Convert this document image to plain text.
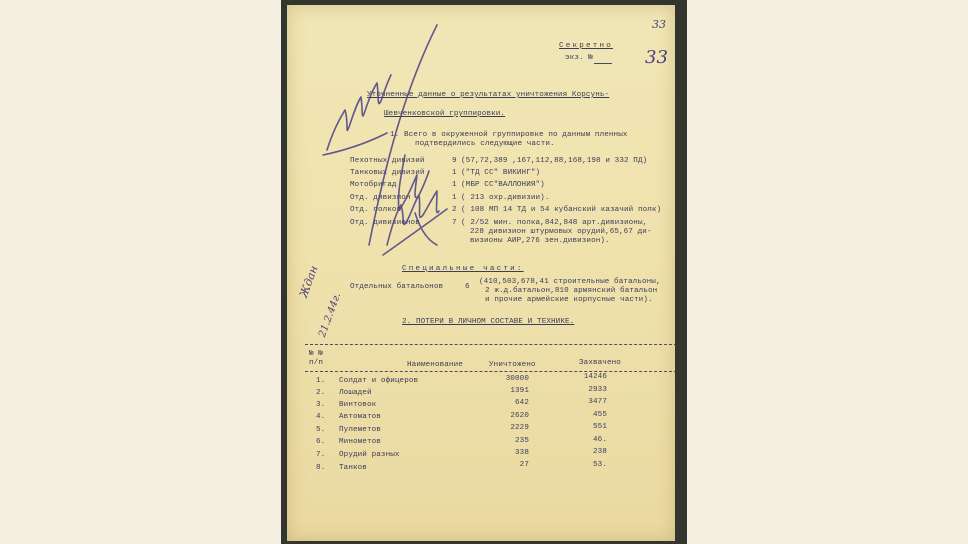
Секретно
экз. №
33
33
Уточненные данные о результатах уничтожения Корсунь-
Шевченковской группировки.
1. Всего в окруженной группировке по данным пленных
подтвердились следующие части.
Пехотных дивизий	9 (57,72,389 ,167,112,88,168,198 и 332 ПД)
Танковых дивизий	1 ("ТД СС" ВИКИНГ")
Мотобригад	1 (МБР СС"ВАЛЛОНИЯ")
Отд. дивизион	1 ( 213 охр.дивизии).
Отд. полков	2 ( 108 МП 14 ТД и 54 кубанский казачий полк)
Отд. дивизионов	7 ( 2/52 мин. полка,842,848 арт.дивизионы,
228 дивизион штурмовых орудий,65,67 ди-
визионы АИР,276 зен.дивизион).
Специальные части:
Отдельных батальонов	6
(410,503,678,41 строительные батальоны,
2 ж.д.батальон,810 армянский батальон
и прочие армейские корпусные части).
2. ПОТЕРИ В ЛИЧНОМ СОСТАВЕ И ТЕХНИКЕ.
№ №
п/п	Наименование	Уничтожено	Захвачено
1. Солдат и офицеров	30000	14246
2. Лошадей	1391	2933
3. Винтовок	642	3477
4. Автоматов	2620	455
5. Пулеметов	2229	551
6. Минометов	235	46.
7. Орудий разных	338	238
8. Танков	27	53.
Ждан
21.2.44г.
